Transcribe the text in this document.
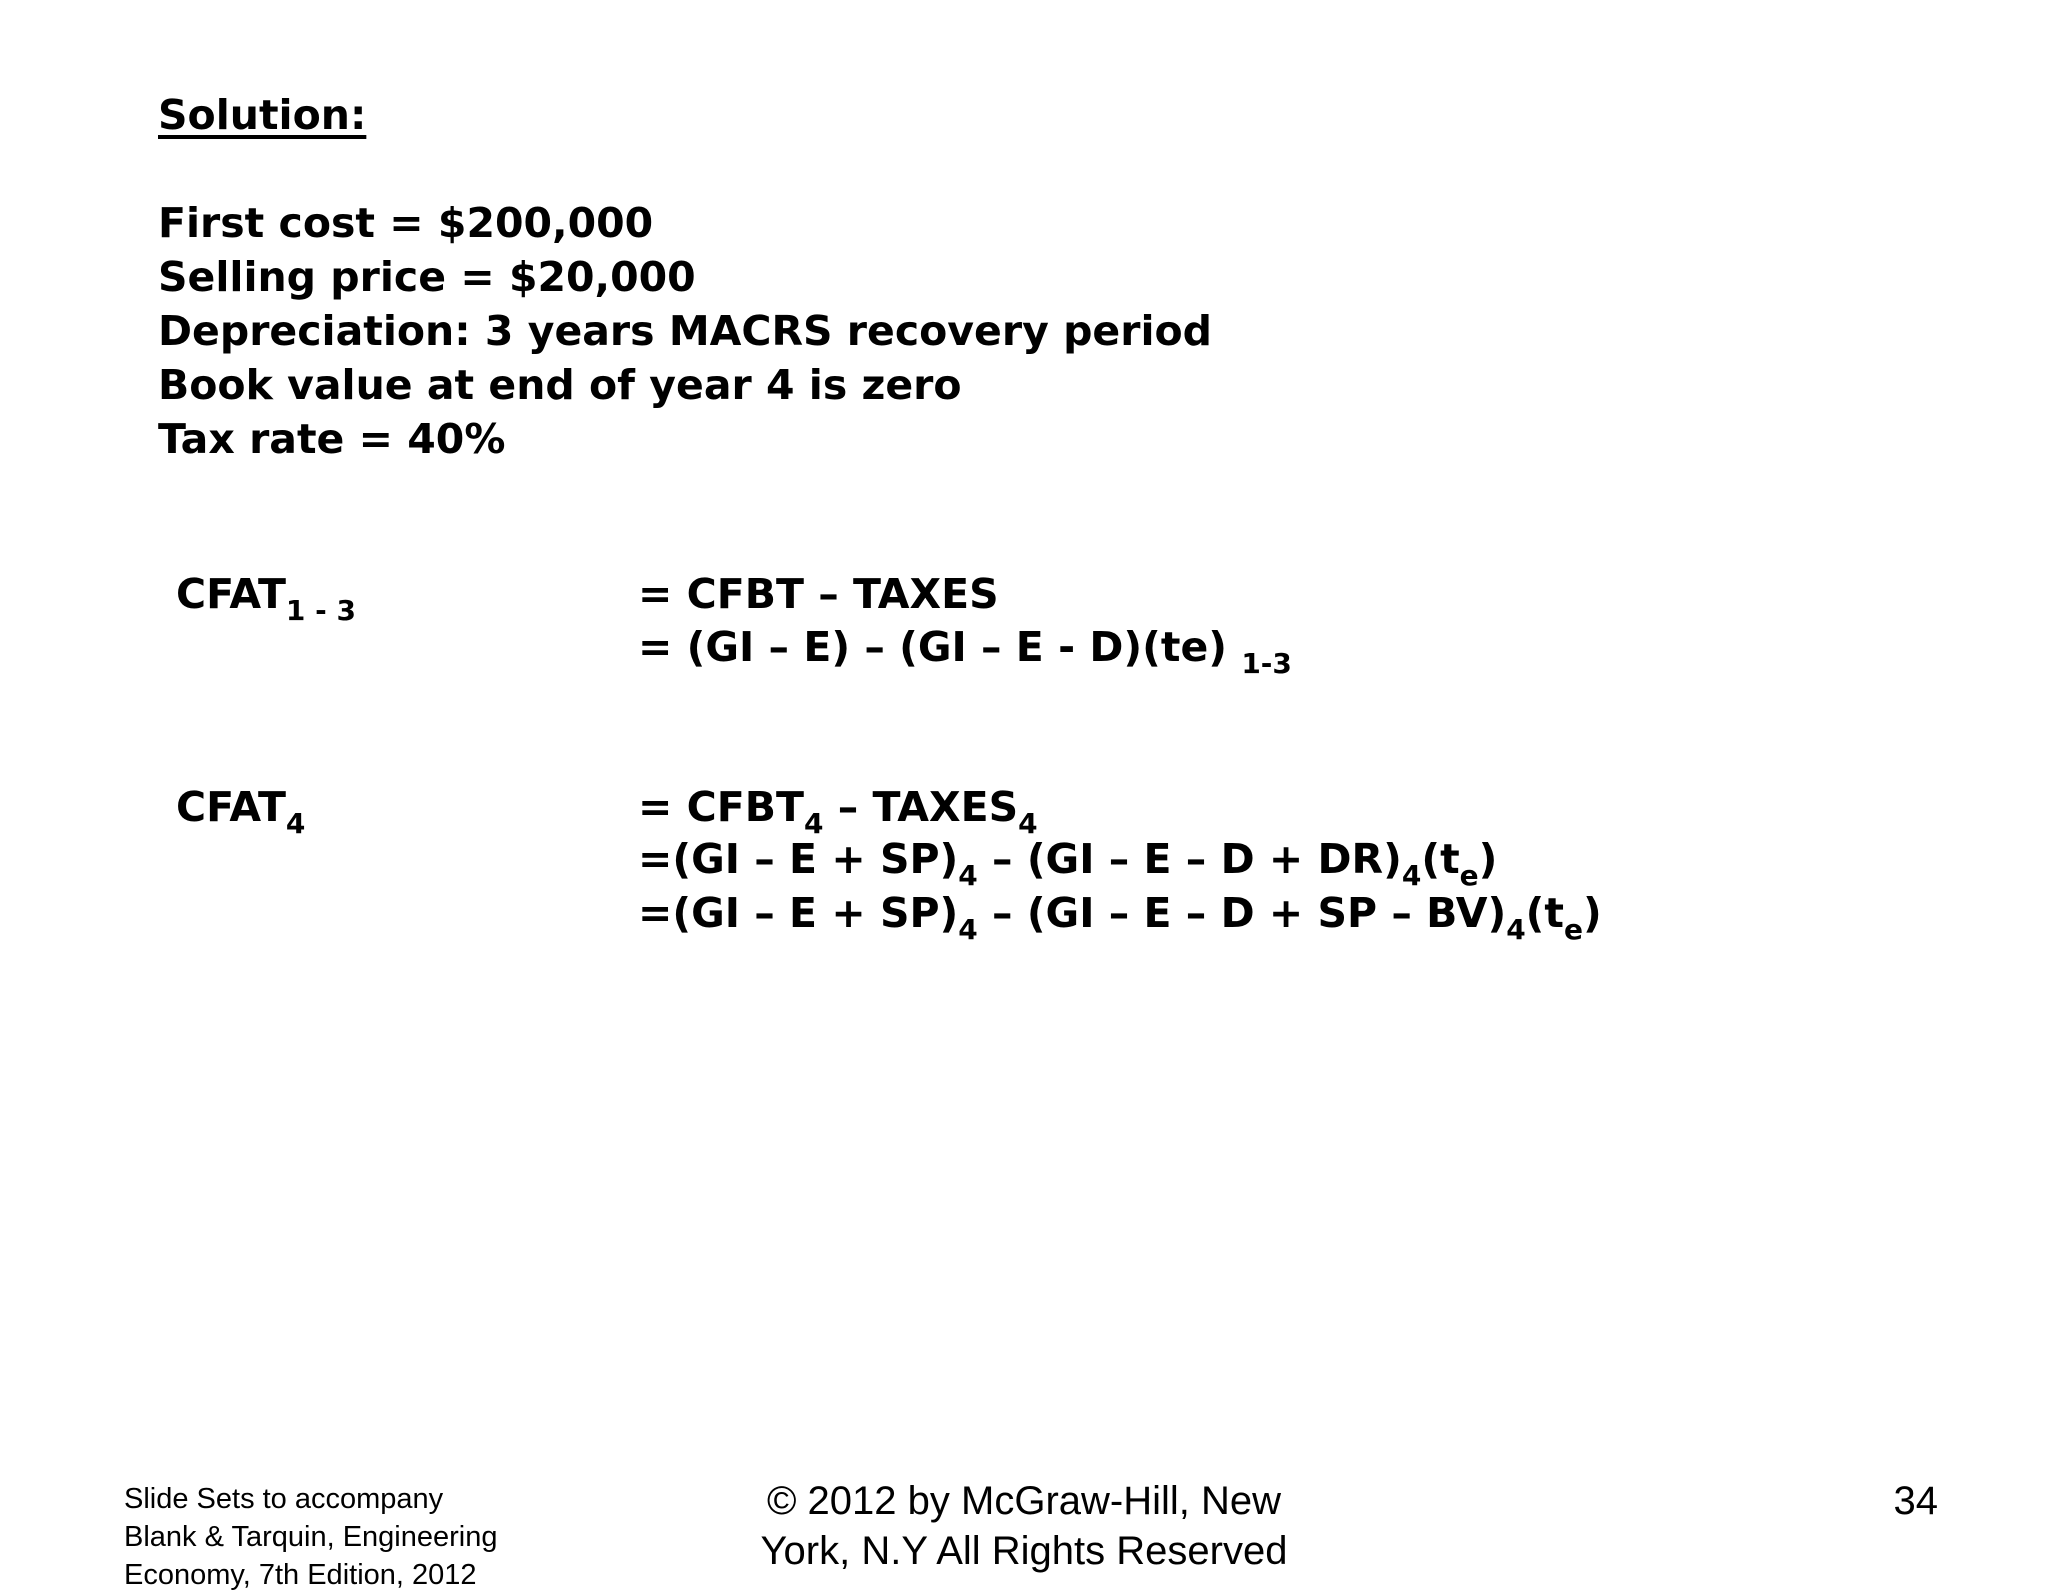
Solution:
First cost = $200,000
Selling price = $20,000
Depreciation: 3 years MACRS recovery period
Book value at end of year 4 is zero
Tax rate = 40%
$CFAT_{1 - 3}$	= CFBT – TAXES
= (GI – E) – (GI – E - D)(te) $_{1-3}$
$CFAT_4$	= $CFBT_4$ – $TAXES_4$
$=(GI - E + SP)_4 - (GI - E - D + DR)_4(t_e)$
$=(GI - E + SP)_4 - (GI - E - D$ + SP – $BV)_4(t_e)$
Slide Sets to accompany
Blank & Tarquin, Engineering
Economy, 7th Edition, 2012
© 2012 by McGraw-Hill, New
York, N.Y All Rights Reserved
34
